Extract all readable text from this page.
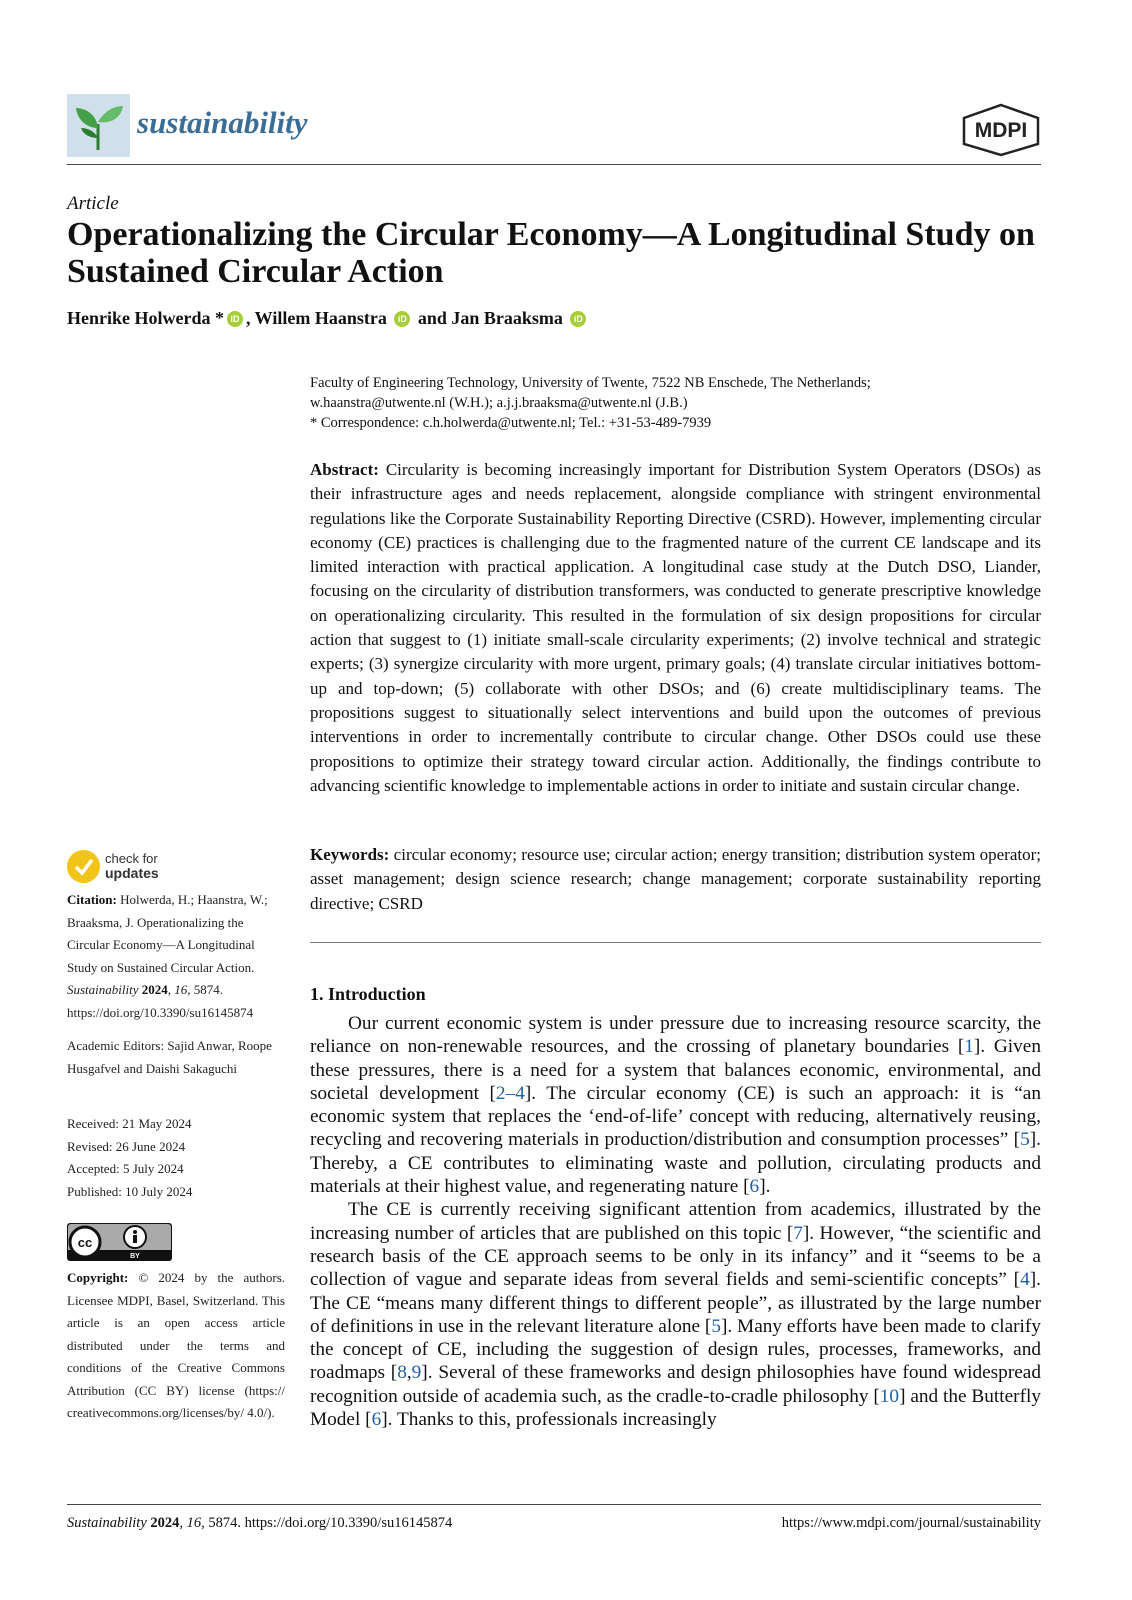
sustainability	MDPI
Article
Operationalizing the Circular Economy—A Longitudinal Study on Sustained Circular Action
Henrike Holwerda * iD , Willem Haanstra iD and Jan Braaksma iD
Faculty of Engineering Technology, University of Twente, 7522 NB Enschede, The Netherlands;
w.haanstra@utwente.nl (W.H.); a.j.j.braaksma@utwente.nl (J.B.)
* Correspondence: c.h.holwerda@utwente.nl; Tel.: +31-53-489-7939
Abstract: Circularity is becoming increasingly important for Distribution System Operators (DSOs) as their infrastructure ages and needs replacement, alongside compliance with stringent environmental regulations like the Corporate Sustainability Reporting Directive (CSRD). However, implementing circular economy (CE) practices is challenging due to the fragmented nature of the current CE landscape and its limited interaction with practical application. A longitudinal case study at the Dutch DSO, Liander, focusing on the circularity of distribution transformers, was conducted to generate prescriptive knowledge on operationalizing circularity. This resulted in the formulation of six design propositions for circular action that suggest to (1) initiate small-scale circularity experiments; (2) involve technical and strategic experts; (3) synergize circularity with more urgent, primary goals; (4) translate circular initiatives bottom-up and top-down; (5) collaborate with other DSOs; and (6) create multidisciplinary teams. The propositions suggest to situationally select interventions and build upon the outcomes of previous interventions in order to incrementally contribute to circular change. Other DSOs could use these propositions to optimize their strategy toward circular action. Additionally, the findings contribute to advancing scientific knowledge to implementable actions in order to initiate and sustain circular change.
Keywords: circular economy; resource use; circular action; energy transition; distribution system operator; asset management; design science research; change management; corporate sustainability reporting directive; CSRD
1. Introduction

Our current economic system is under pressure due to increasing resource scarcity, the reliance on non-renewable resources, and the crossing of planetary boundaries [1]. Given these pressures, there is a need for a system that balances economic, environmental, and societal development [2–4]. The circular economy (CE) is such an approach: it is “an economic system that replaces the ‘end-of-life’ concept with reducing, alternatively reusing, recycling and recovering materials in production/distribution and consumption processes” [5]. Thereby, a CE contributes to eliminating waste and pollution, circulating products and materials at their highest value, and regenerating nature [6].

The CE is currently receiving significant attention from academics, illustrated by the increasing number of articles that are published on this topic [7]. However, “the scientific and research basis of the CE approach seems to be only in its infancy” and it “seems to be a collection of vague and separate ideas from several fields and semi-scientific concepts” [4]. The CE “means many different things to different people”, as illustrated by the large number of definitions in use in the relevant literature alone [5]. Many efforts have been made to clarify the concept of CE, including the suggestion of design rules, processes, frameworks, and roadmaps [8,9]. Several of these frameworks and design philosophies have found widespread recognition outside of academia such, as the cradle-to-cradle philosophy [10] and the Butterfly Model [6]. Thanks to this, professionals increasingly

check for
updates
Citation: Holwerda, H.; Haanstra, W.; Braaksma, J. Operationalizing the Circular Economy—A Longitudinal Study on Sustained Circular Action. Sustainability 2024, 16, 5874. https://doi.org/10.3390/su16145874
Academic Editors: Sajid Anwar, Roope Husgafvel and Daishi Sakaguchi
Received: 21 May 2024
Revised: 26 June 2024
Accepted: 5 July 2024
Published: 10 July 2024
cc
BY
Copyright: © 2024 by the authors. Licensee MDPI, Basel, Switzerland. This article is an open access article distributed under the terms and conditions of the Creative Commons Attribution (CC BY) license (https:// creativecommons.org/licenses/by/ 4.0/).
Sustainability 2024, 16, 5874. https://doi.org/10.3390/su16145874	https://www.mdpi.com/journal/sustainability
